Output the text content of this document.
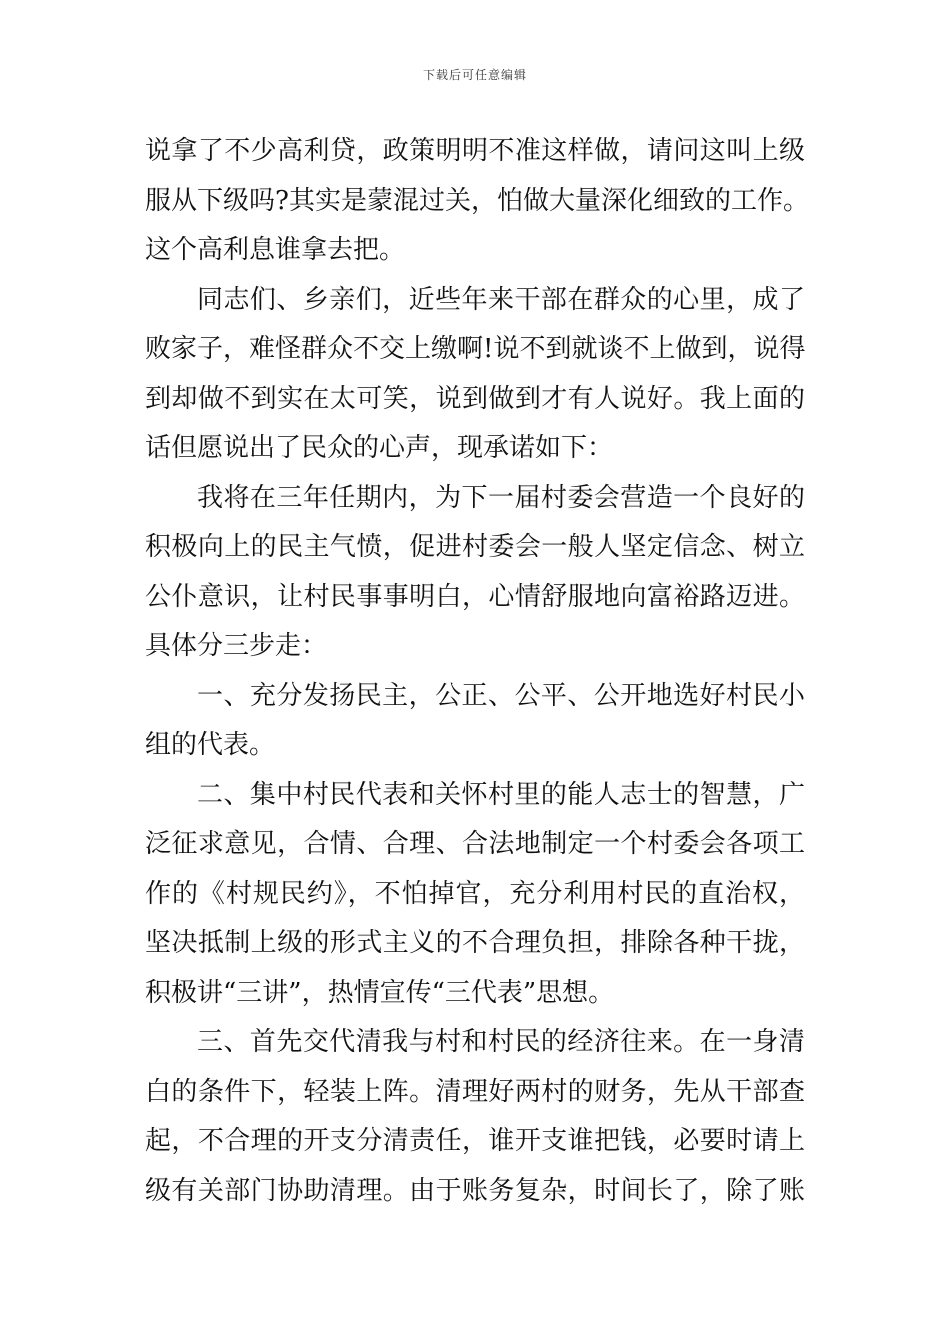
下载后可任意编辑
说拿了不少高利贷，政策明明不准这样做，请问这叫上级
服从下级吗?其实是蒙混过关，怕做大量深化细致的工作。
这个高利息谁拿去把。
同志们、乡亲们，近些年来干部在群众的心里，成了
败家子，难怪群众不交上缴啊!说不到就谈不上做到，说得
到却做不到实在太可笑，说到做到才有人说好。我上面的
话但愿说出了民众的心声，现承诺如下：
我将在三年任期内，为下一届村委会营造一个良好的
积极向上的民主气愤，促进村委会一般人坚定信念、树立
公仆意识，让村民事事明白，心情舒服地向富裕路迈进。
具体分三步走：
一、充分发扬民主，公正、公平、公开地选好村民小
组的代表。
二、集中村民代表和关怀村里的能人志士的智慧，广
泛征求意见，合情、合理、合法地制定一个村委会各项工
作的《村规民约》，不怕掉官，充分利用村民的直治权，
坚决抵制上级的形式主义的不合理负担，排除各种干拢，
积极讲“三讲”，热情宣传“三代表”思想。
三、首先交代清我与村和村民的经济往来。在一身清
白的条件下，轻装上阵。清理好两村的财务，先从干部查
起，不合理的开支分清责任，谁开支谁把钱，必要时请上
级有关部门协助清理。由于账务复杂，时间长了，除了账
